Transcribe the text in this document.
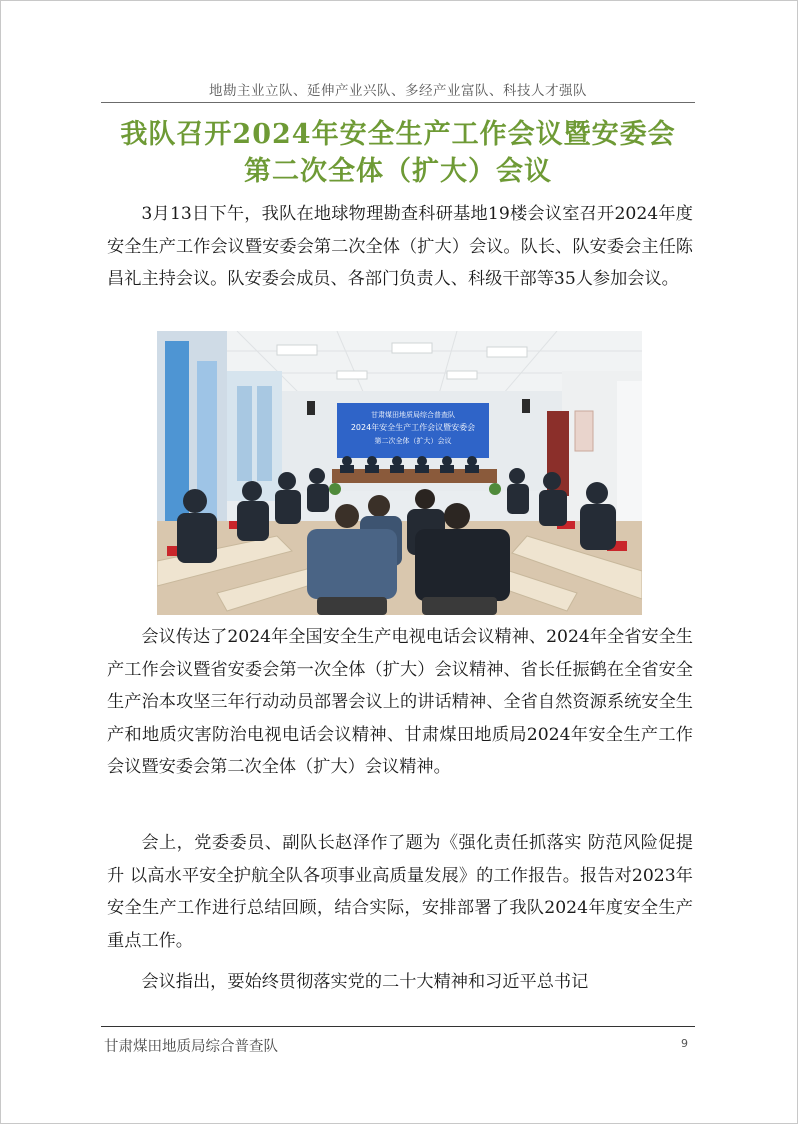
地勘主业立队、延伸产业兴队、多经产业富队、科技人才强队
我队召开2024年安全生产工作会议暨安委会
第二次全体（扩大）会议

3月13日下午，我队在地球物理勘查科研基地19楼会议室召开2024年度安全生产工作会议暨安委会第二次全体（扩大）会议。队长、队安委会主任陈昌礼主持会议。队安委会成员、各部门负责人、科级干部等35人参加会议。

甘肃煤田地质局综合普查队
2024年安全生产工作会议暨安委会
第二次全体（扩大）会议

会议传达了2024年全国安全生产电视电话会议精神、2024年全省安全生产工作会议暨省安委会第一次全体（扩大）会议精神、省长任振鹤在全省安全生产治本攻坚三年行动动员部署会议上的讲话精神、全省自然资源系统安全生产和地质灾害防治电视电话会议精神、甘肃煤田地质局2024年安全生产工作会议暨安委会第二次全体（扩大）会议精神。

会上，党委委员、副队长赵泽作了题为《强化责任抓落实 防范风险促提升 以高水平安全护航全队各项事业高质量发展》的工作报告。报告对2023年安全生产工作进行总结回顾，结合实际，安排部署了我队2024年度安全生产重点工作。

会议指出，要始终贯彻落实党的二十大精神和习近平总书记

甘肃煤田地质局综合普查队	9
